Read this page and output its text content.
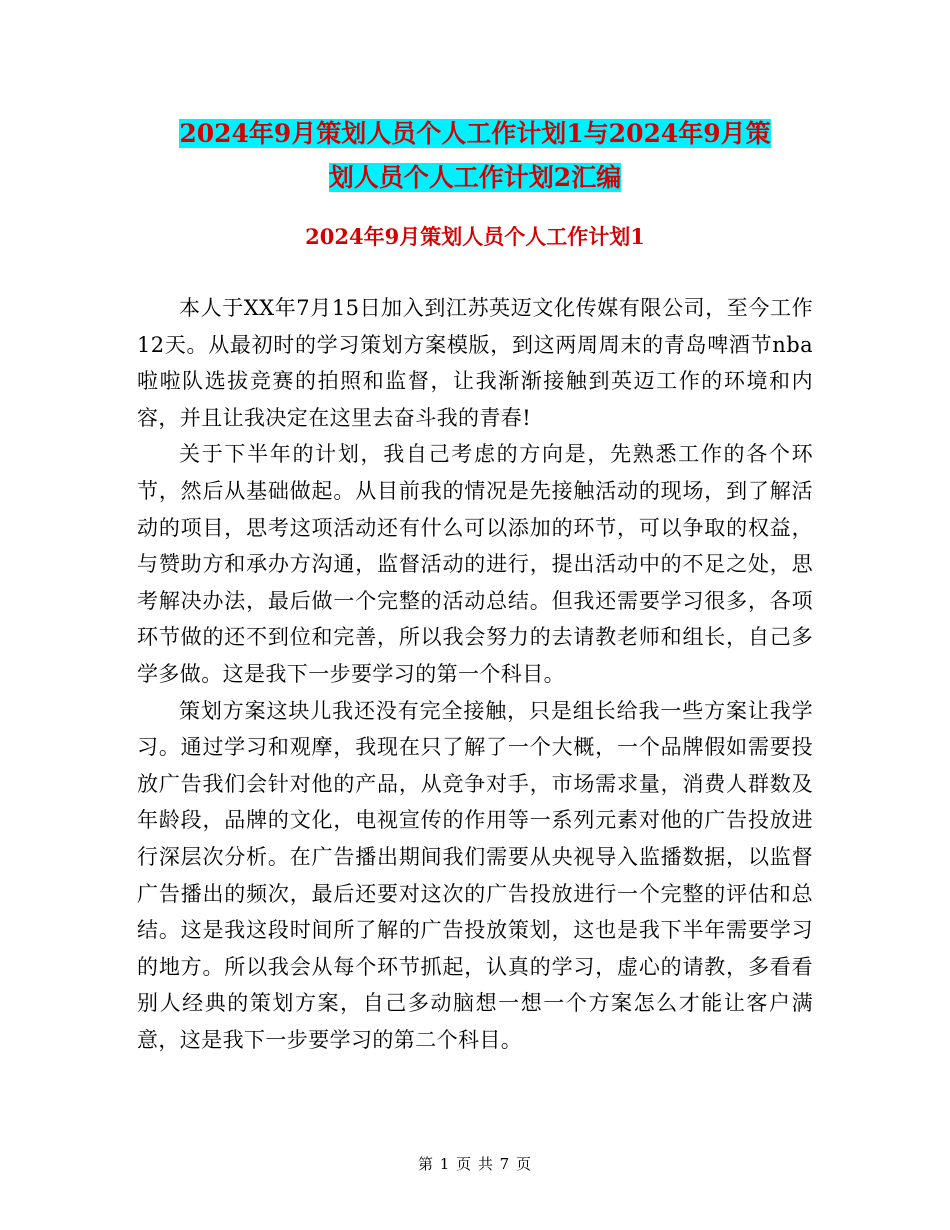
2024年9月策划人员个人工作计划1与2024年9月策
划人员个人工作计划2汇编
2024年9月策划人员个人工作计划1

本人于XX年7月15日加入到江苏英迈文化传媒有限公司，至今工作12天。从最初时的学习策划方案模版，到这两周周末的青岛啤酒节nba啦啦队选拔竞赛的拍照和监督，让我渐渐接触到英迈工作的环境和内容，并且让我决定在这里去奋斗我的青春!

关于下半年的计划，我自己考虑的方向是，先熟悉工作的各个环节，然后从基础做起。从目前我的情况是先接触活动的现场，到了解活动的项目，思考这项活动还有什么可以添加的环节，可以争取的权益，与赞助方和承办方沟通，监督活动的进行，提出活动中的不足之处，思考解决办法，最后做一个完整的活动总结。但我还需要学习很多，各项环节做的还不到位和完善，所以我会努力的去请教老师和组长，自己多学多做。这是我下一步要学习的第一个科目。

策划方案这块儿我还没有完全接触，只是组长给我一些方案让我学习。通过学习和观摩，我现在只了解了一个大概，一个品牌假如需要投放广告我们会针对他的产品，从竞争对手，市场需求量，消费人群数及年龄段，品牌的文化，电视宣传的作用等一系列元素对他的广告投放进行深层次分析。在广告播出期间我们需要从央视导入监播数据，以监督广告播出的频次，最后还要对这次的广告投放进行一个完整的评估和总结。这是我这段时间所了解的广告投放策划，这也是我下半年需要学习的地方。所以我会从每个环节抓起，认真的学习，虚心的请教，多看看别人经典的策划方案，自己多动脑想一想一个方案怎么才能让客户满意，这是我下一步要学习的第二个科目。

第 1 页 共 7 页
